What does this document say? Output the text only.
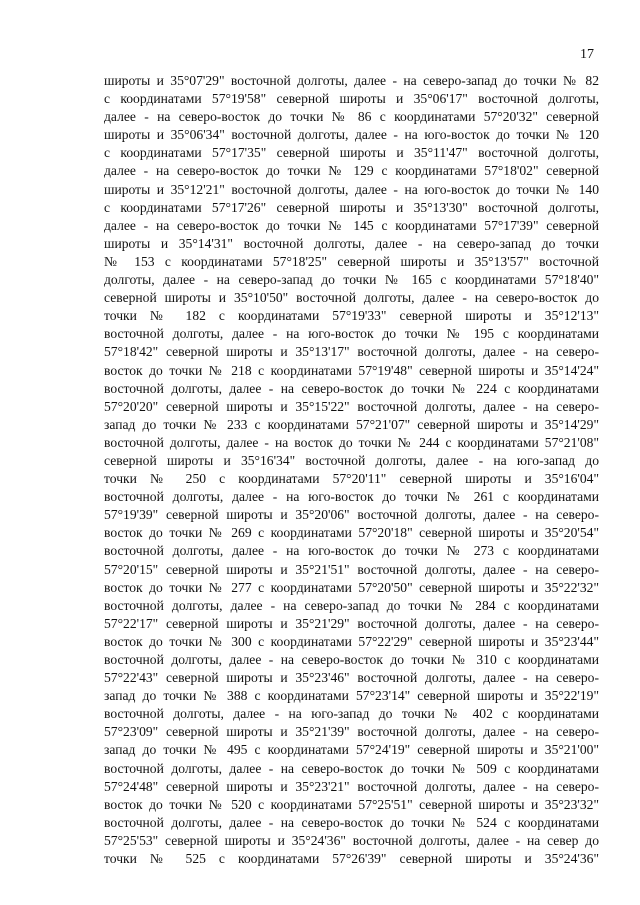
17
широты и 35°07'29" восточной долготы, далее - на северо-запад до точки № 82
с координатами 57°19'58" северной широты и 35°06'17" восточной долготы,
далее - на северо-восток до точки № 86 с координатами 57°20'32" северной
широты и 35°06'34" восточной долготы, далее - на юго-восток до точки № 120
с координатами 57°17'35" северной широты и 35°11'47" восточной долготы,
далее - на северо-восток до точки № 129 с координатами 57°18'02" северной
широты и 35°12'21" восточной долготы, далее - на юго-восток до точки № 140
с координатами 57°17'26" северной широты и 35°13'30" восточной долготы,
далее - на северо-восток до точки № 145 с координатами 57°17'39" северной
широты и 35°14'31" восточной долготы, далее - на северо-запад до точки
№ 153 с координатами 57°18'25" северной широты и 35°13'57" восточной
долготы, далее - на северо-запад до точки № 165 с координатами 57°18'40"
северной широты и 35°10'50" восточной долготы, далее - на северо-восток до
точки № 182 с координатами 57°19'33" северной широты и 35°12'13"
восточной долготы, далее - на юго-восток до точки № 195 с координатами
57°18'42" северной широты и 35°13'17" восточной долготы, далее - на северо-
восток до точки № 218 с координатами 57°19'48" северной широты и 35°14'24"
восточной долготы, далее - на северо-восток до точки № 224 с координатами
57°20'20" северной широты и 35°15'22" восточной долготы, далее - на северо-
запад до точки № 233 с координатами 57°21'07" северной широты и 35°14'29"
восточной долготы, далее - на восток до точки № 244 с координатами 57°21'08"
северной широты и 35°16'34" восточной долготы, далее - на юго-запад до
точки № 250 с координатами 57°20'11" северной широты и 35°16'04"
восточной долготы, далее - на юго-восток до точки № 261 с координатами
57°19'39" северной широты и 35°20'06" восточной долготы, далее - на северо-
восток до точки № 269 с координатами 57°20'18" северной широты и 35°20'54"
восточной долготы, далее - на юго-восток до точки № 273 с координатами
57°20'15" северной широты и 35°21'51" восточной долготы, далее - на северо-
восток до точки № 277 с координатами 57°20'50" северной широты и 35°22'32"
восточной долготы, далее - на северо-запад до точки № 284 с координатами
57°22'17" северной широты и 35°21'29" восточной долготы, далее - на северо-
восток до точки № 300 с координатами 57°22'29" северной широты и 35°23'44"
восточной долготы, далее - на северо-восток до точки № 310 с координатами
57°22'43" северной широты и 35°23'46" восточной долготы, далее - на северо-
запад до точки № 388 с координатами 57°23'14" северной широты и 35°22'19"
восточной долготы, далее - на юго-запад до точки № 402 с координатами
57°23'09" северной широты и 35°21'39" восточной долготы, далее - на северо-
запад до точки № 495 с координатами 57°24'19" северной широты и 35°21'00"
восточной долготы, далее - на северо-восток до точки № 509 с координатами
57°24'48" северной широты и 35°23'21" восточной долготы, далее - на северо-
восток до точки № 520 с координатами 57°25'51" северной широты и 35°23'32"
восточной долготы, далее - на северо-восток до точки № 524 с координатами
57°25'53" северной широты и 35°24'36" восточной долготы, далее - на север до
точки № 525 с координатами 57°26'39" северной широты и 35°24'36"
